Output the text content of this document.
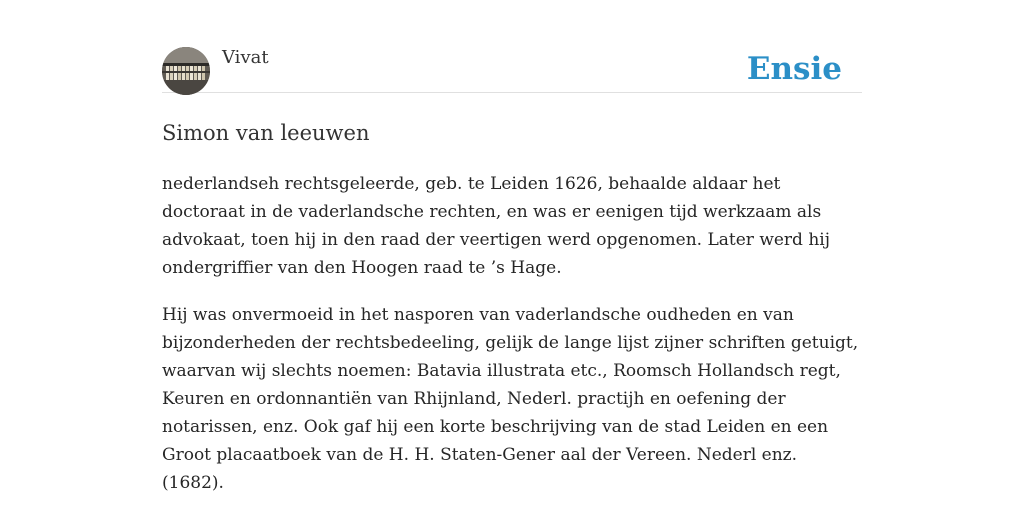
Vivat	Ensie
Simon van leeuwen

nederlandseh rechtsgeleerde, geb. te Leiden 1626, behaalde aldaar het doctoraat in de vaderlandsche rechten, en was er eenigen tijd werkzaam als advokaat, toen hij in den raad der veertigen werd opgenomen. Later werd hij ondergriffier van den Hoogen raad te ’s Hage.

Hij was onvermoeid in het nasporen van vaderlandsche oudheden en van bijzonderheden der rechtsbedeeling, gelijk de lange lijst zijner schriften getuigt, waarvan wij slechts noemen: Batavia illustrata etc., Roomsch Hollandsch regt, Keuren en ordonnantiën van Rhijnland, Nederl. practijh en oefening der notarissen, enz. Ook gaf hij een korte beschrijving van de stad Leiden en een Groot placaatboek van de H. H. Staten-Gener aal der Vereen. Nederl enz. (1682).
